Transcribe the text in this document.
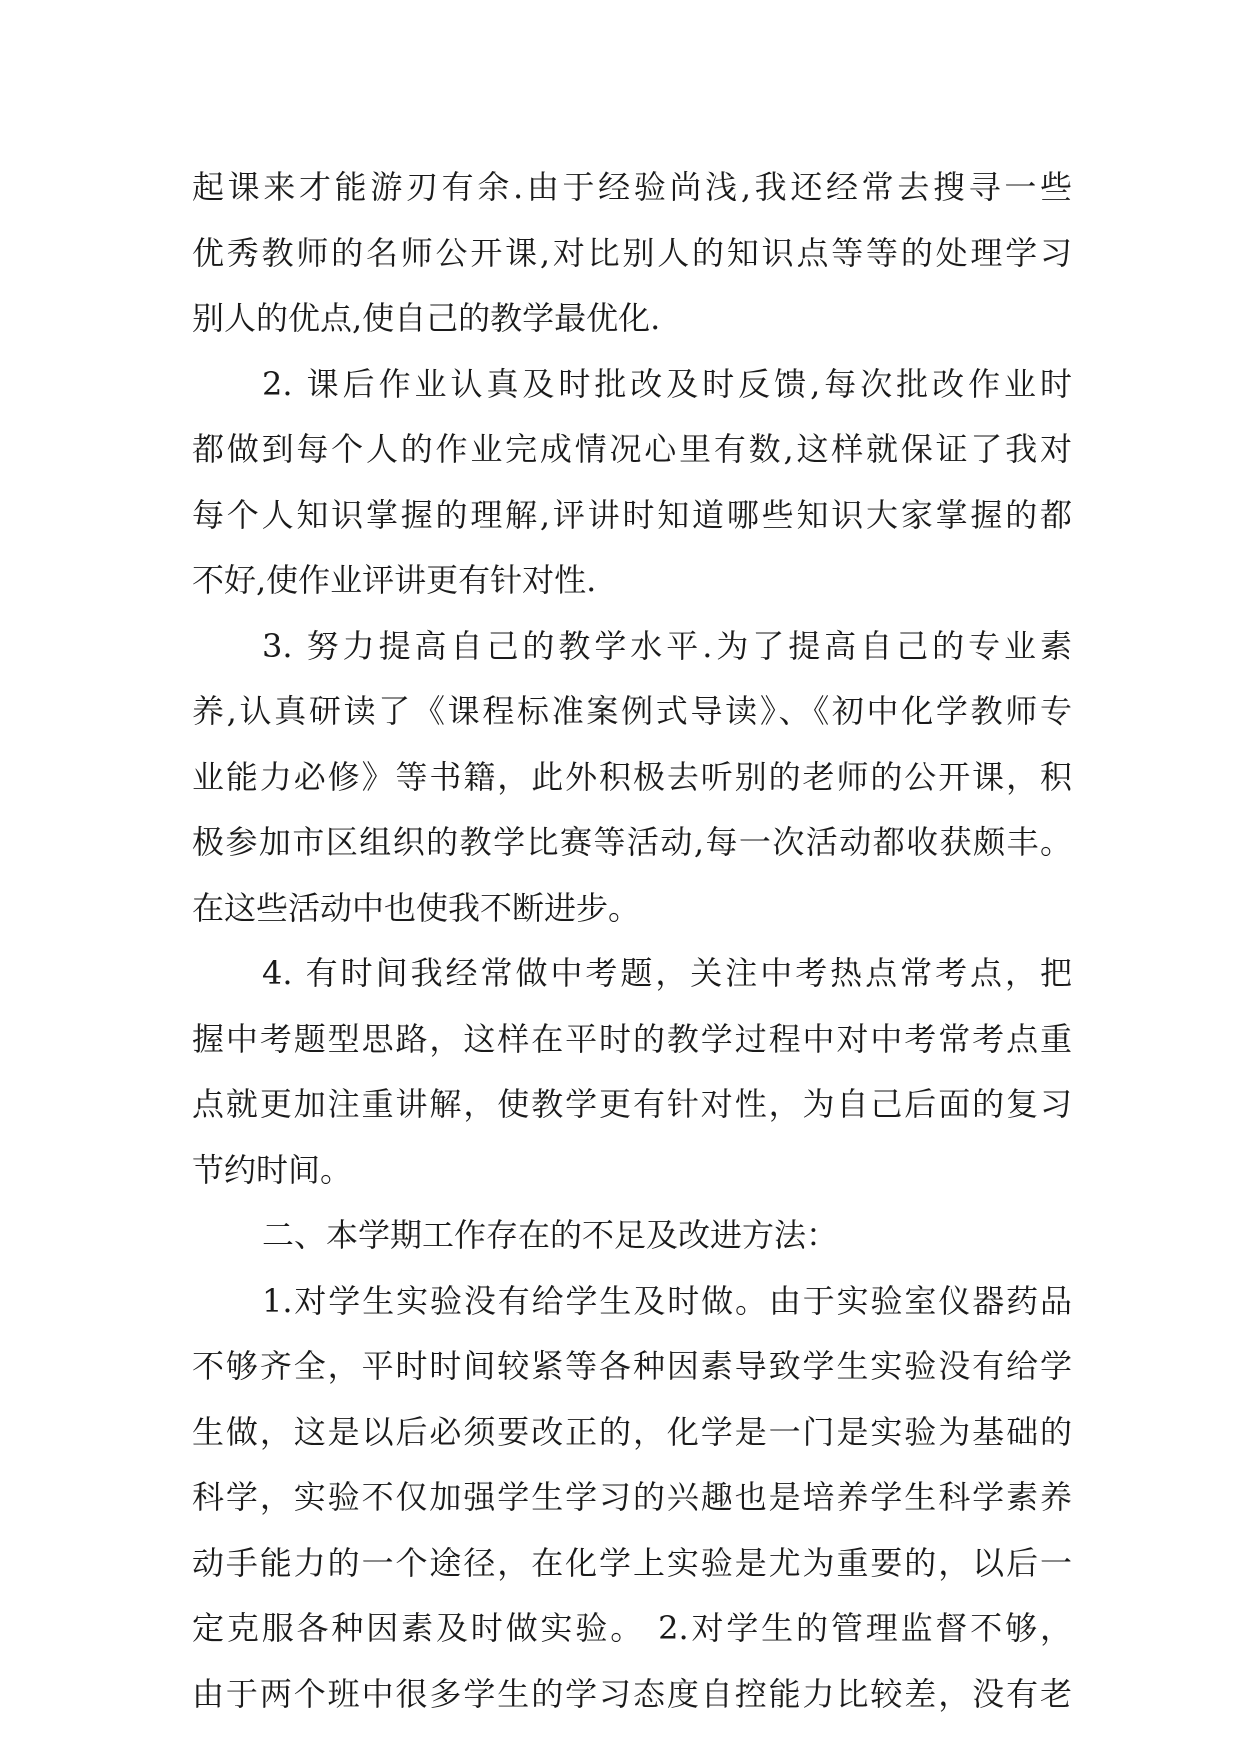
起课来才能游刃有余.由于经验尚浅,我还经常去搜寻一些
优秀教师的名师公开课,对比别人的知识点等等的处理学习
别人的优点,使自己的教学最优化.
2. 课后作业认真及时批改及时反馈,每次批改作业时
都做到每个人的作业完成情况心里有数,这样就保证了我对
每个人知识掌握的理解,评讲时知道哪些知识大家掌握的都
不好,使作业评讲更有针对性.
3. 努力提高自己的教学水平.为了提高自己的专业素
养,认真研读了《课程标准案例式导读》、《初中化学教师专
业能力必修》等书籍，此外积极去听别的老师的公开课，积
极参加市区组织的教学比赛等活动,每一次活动都收获颇丰。
在这些活动中也使我不断进步。
4. 有时间我经常做中考题，关注中考热点常考点，把
握中考题型思路，这样在平时的教学过程中对中考常考点重
点就更加注重讲解，使教学更有针对性，为自己后面的复习
节约时间。
二、本学期工作存在的不足及改进方法：
1.对学生实验没有给学生及时做。由于实验室仪器药品
不够齐全，平时时间较紧等各种因素导致学生实验没有给学
生做，这是以后必须要改正的，化学是一门是实验为基础的
科学，实验不仅加强学生学习的兴趣也是培养学生科学素养
动手能力的一个途径，在化学上实验是尤为重要的，以后一
定克服各种因素及时做实验。 2.对学生的管理监督不够，
由于两个班中很多学生的学习态度自控能力比较差，没有老
